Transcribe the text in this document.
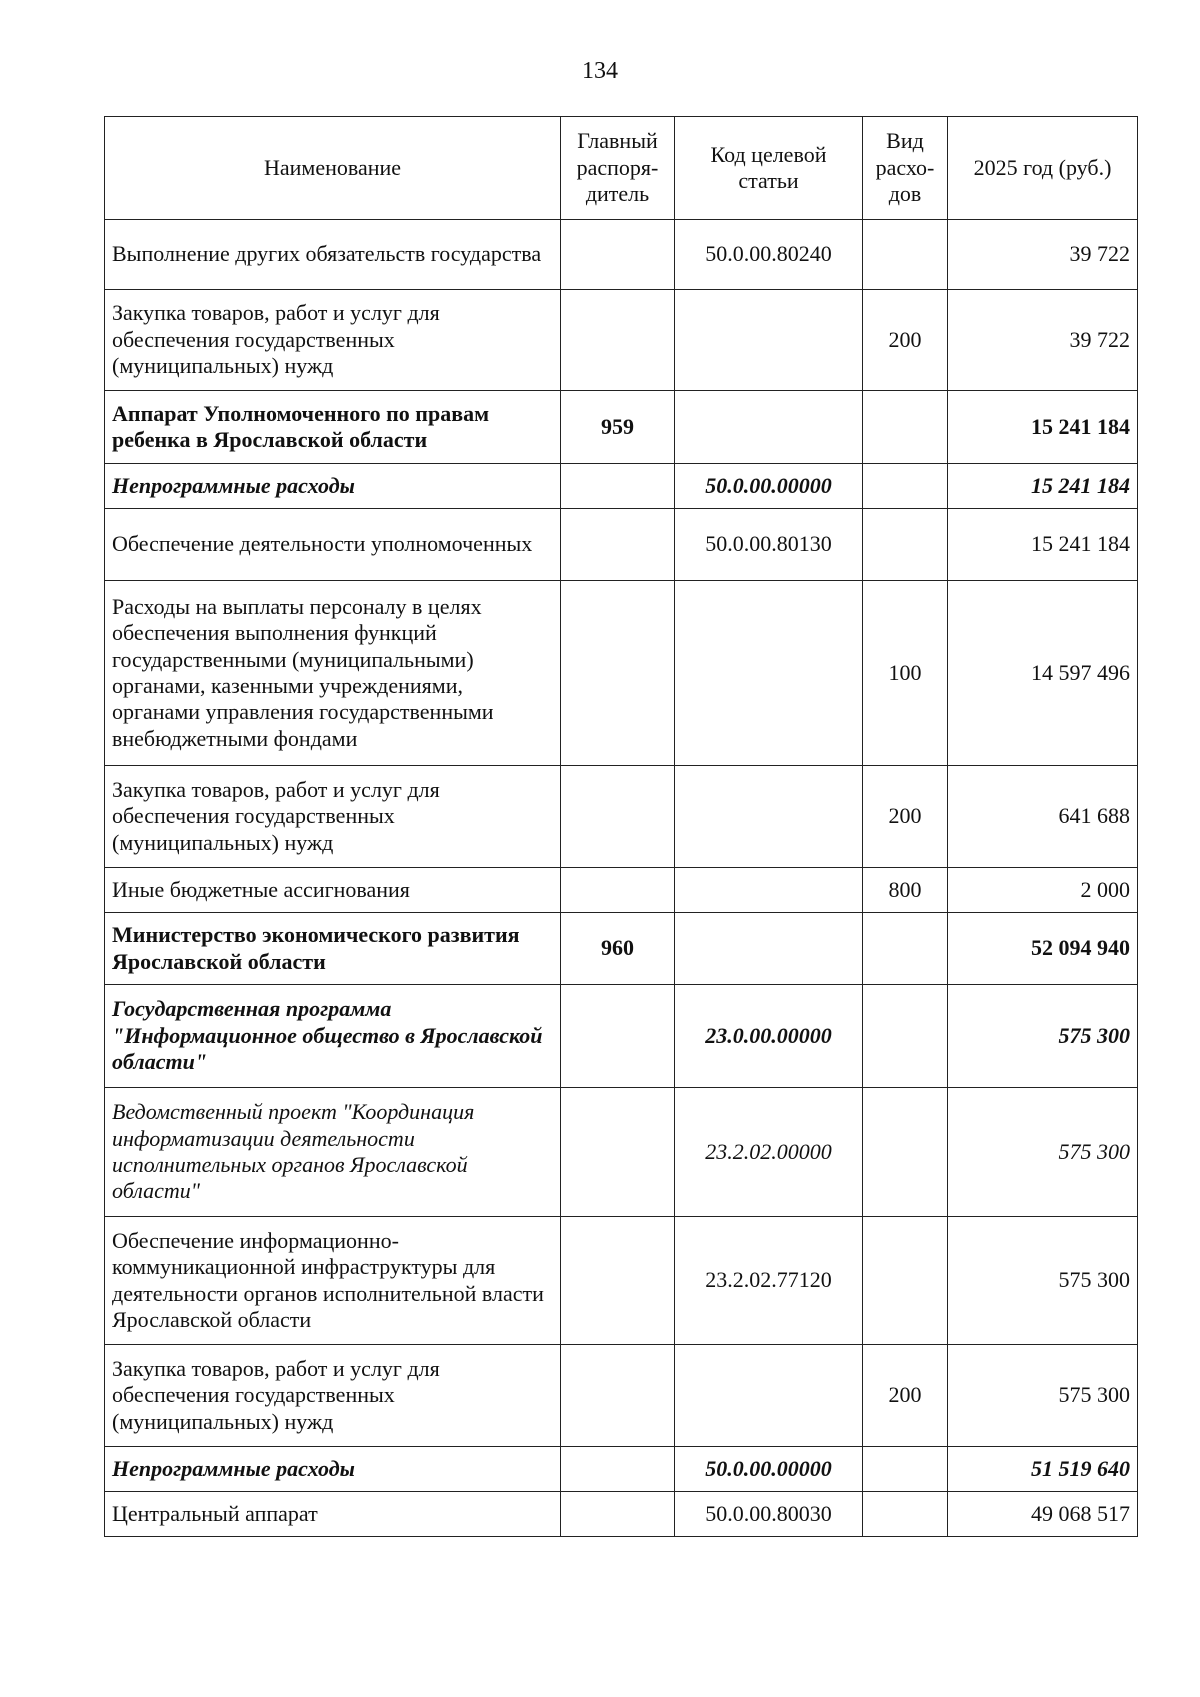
134
Наименование	Главный распоря- дитель	Код целевой статьи	Вид расхо- дов	2025 год (руб.)
Выполнение других обязательств государства		50.0.00.80240		39 722
Закупка товаров, работ и услуг для обеспечения государственных (муниципальных) нужд			200	39 722
Аппарат Уполномоченного по правам ребенка в Ярославской области	959			15 241 184
Непрограммные расходы		50.0.00.00000		15 241 184
Обеспечение деятельности уполномоченных		50.0.00.80130		15 241 184
Расходы на выплаты персоналу в целях обеспечения выполнения функций государственными (муниципальными) органами, казенными учреждениями, органами управления государственными внебюджетными фондами			100	14 597 496
Закупка товаров, работ и услуг для обеспечения государственных (муниципальных) нужд			200	641 688
Иные бюджетные ассигнования			800	2 000
Министерство экономического развития Ярославской области	960			52 094 940
Государственная программа "Информационное общество в Ярославской области"		23.0.00.00000		575 300
Ведомственный проект "Координация информатизации деятельности исполнительных органов Ярославской области"		23.2.02.00000		575 300
Обеспечение информационно-коммуникационной инфраструктуры для деятельности органов исполнительной власти Ярославской области		23.2.02.77120		575 300
Закупка товаров, работ и услуг для обеспечения государственных (муниципальных) нужд			200	575 300
Непрограммные расходы		50.0.00.00000		51 519 640
Центральный аппарат		50.0.00.80030		49 068 517
